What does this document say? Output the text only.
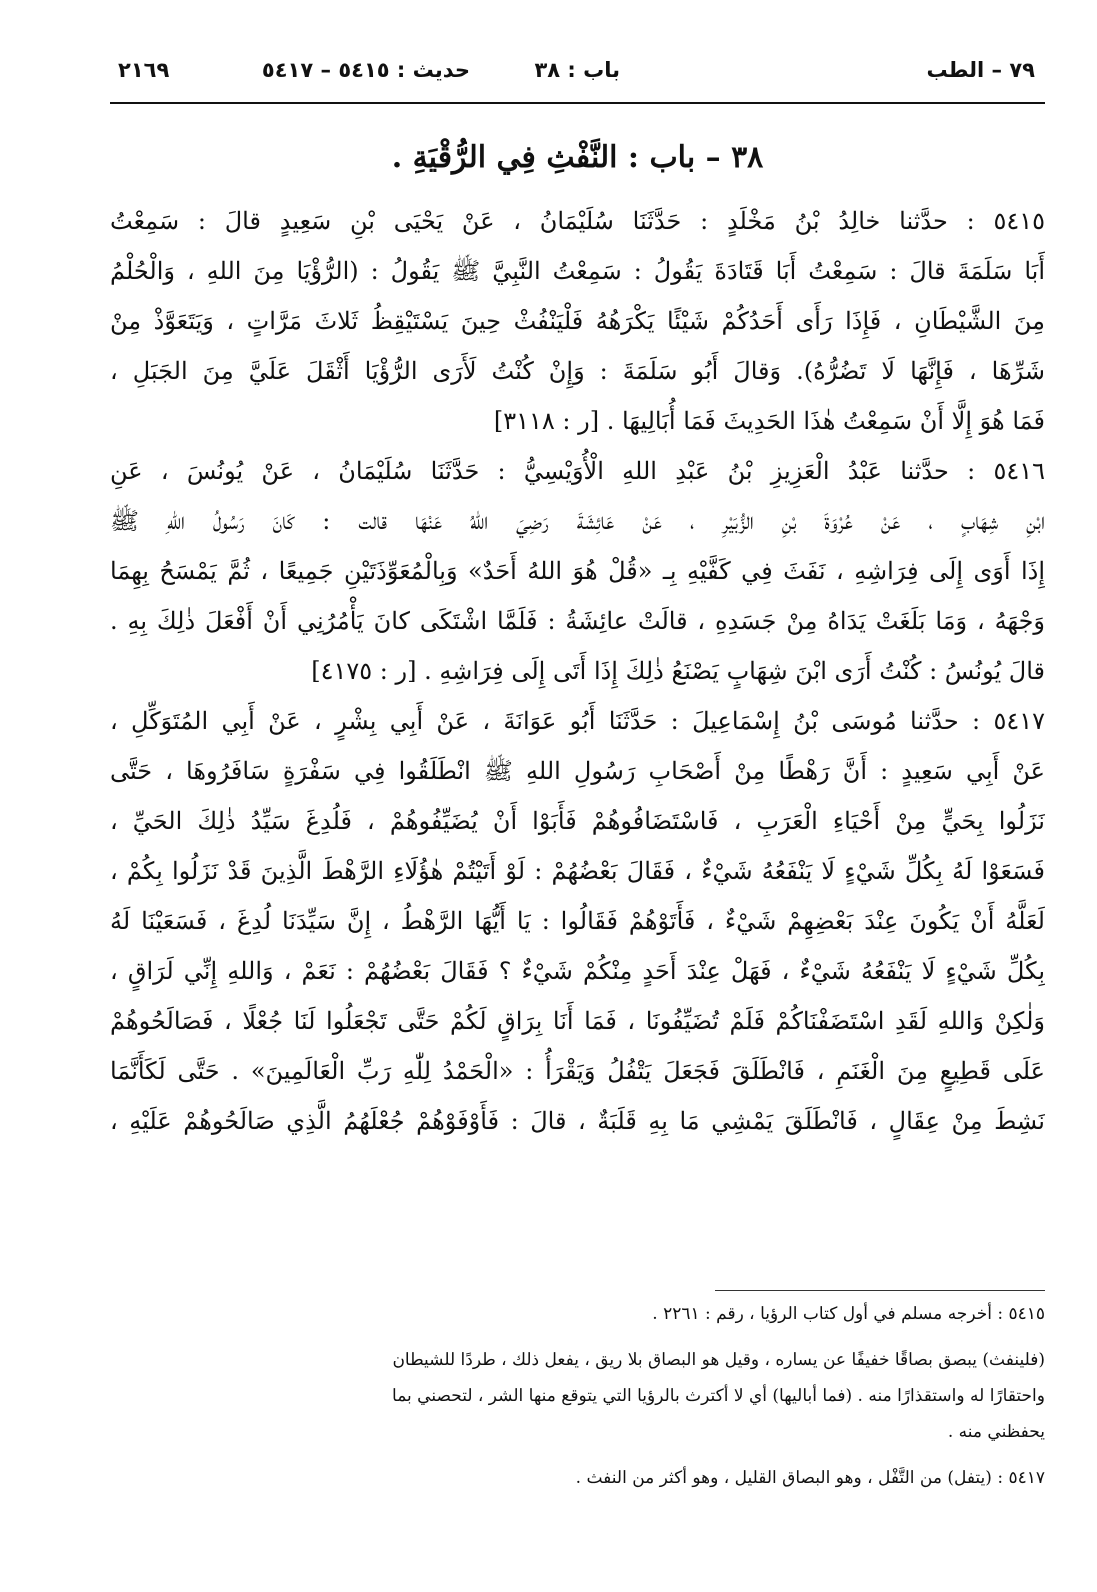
٧٩ – الطب
باب : ٣٨
حديث : ٥٤١٥ – ٥٤١٧
٢١٦٩
٣٨ – باب : النَّفْثِ فِي الرُّقْيَةِ .
٥٤١٥ : حدَّثنا خالِدُ بْنُ مَخْلَدٍ : حَدَّثَنَا سُلَيْمَانُ ، عَنْ يَحْيَى بْنِ سَعِيدٍ قالَ : سَمِعْتُ
أَبَا سَلَمَةَ قالَ : سَمِعْتُ أَبَا قَتَادَةَ يَقُولُ : سَمِعْتُ النَّبِيَّ ﷺ يَقُولُ : (الرُّؤْيَا مِنَ اللهِ ، وَالْحُلْمُ
مِنَ الشَّيْطَانِ ، فَإِذَا رَأَى أَحَدُكُمْ شَيْئًا يَكْرَهُهُ فَلْيَنْفُثْ حِينَ يَسْتَيْقِظُ ثَلاثَ مَرَّاتٍ ، وَيَتَعَوَّذْ مِنْ
شَرِّهَا ، فَإِنَّهَا لَا تَضُرُّهُ). وَقالَ أَبُو سَلَمَةَ : وَإِنْ كُنْتُ لَأَرَى الرُّؤْيَا أَثْقَلَ عَلَيَّ مِنَ الجَبَلِ ،
فَمَا هُوَ إِلَّا أَنْ سَمِعْتُ هٰذَا الحَدِيثَ فَمَا أُبَالِيهَا . [ر : ٣١١٨]
٥٤١٦ : حدَّثنا عَبْدُ الْعَزِيزِ بْنُ عَبْدِ اللهِ الْأُوَيْسِيُّ : حَدَّثَنَا سُلَيْمَانُ ، عَنْ يُونُسَ ، عَنِ
ابْنِ شِهَابٍ ، عَنْ عُرْوَةَ بْنِ الزُّبَيْرِ ، عَنْ عَائِشَةَ رَضِيَ اللهُ عَنْهَا قالت : كَانَ رَسُولُ اللهِ ﷺ
إِذَا أَوَى إِلَى فِرَاشِهِ ، نَفَثَ فِي كَفَّيْهِ بِـ «قُلْ هُوَ اللهُ أَحَدٌ» وَبِالْمُعَوِّذَتَيْنِ جَمِيعًا ، ثُمَّ يَمْسَحُ بِهِمَا
وَجْهَهُ ، وَمَا بَلَغَتْ يَدَاهُ مِنْ جَسَدِهِ ، قالَتْ عائِشَةُ : فَلَمَّا اشْتَكَى كانَ يَأْمُرُنِي أَنْ أَفْعَلَ ذٰلِكَ بِهِ .
قالَ يُونُسُ : كُنْتُ أَرَى ابْنَ شِهَابٍ يَصْنَعُ ذٰلِكَ إِذَا أَتَى إِلَى فِرَاشِهِ . [ر : ٤١٧٥]
٥٤١٧ : حدَّثنا مُوسَى بْنُ إِسْمَاعِيلَ : حَدَّثَنَا أَبُو عَوَانَةَ ، عَنْ أَبِي بِشْرٍ ، عَنْ أَبِي المُتَوَكِّلِ ،
عَنْ أَبِي سَعِيدٍ : أَنَّ رَهْطًا مِنْ أَصْحَابِ رَسُولِ اللهِ ﷺ انْطَلَقُوا فِي سَفْرَةٍ سَافَرُوهَا ، حَتَّى
نَزَلُوا بِحَيٍّ مِنْ أَحْيَاءِ الْعَرَبِ ، فَاسْتَضَافُوهُمْ فَأَبَوْا أَنْ يُضَيِّفُوهُمْ ، فَلُدِغَ سَيِّدُ ذٰلِكَ الحَيِّ ،
فَسَعَوْا لَهُ بِكُلِّ شَيْءٍ لَا يَنْفَعُهُ شَيْءٌ ، فَقَالَ بَعْضُهُمْ : لَوْ أَتَيْتُمْ هٰؤُلَاءِ الرَّهْطَ الَّذِينَ قَدْ نَزَلُوا بِكُمْ ،
لَعَلَّهُ أَنْ يَكُونَ عِنْدَ بَعْضِهِمْ شَيْءٌ ، فَأَتَوْهُمْ فَقَالُوا : يَا أَيُّهَا الرَّهْطُ ، إِنَّ سَيِّدَنَا لُدِغَ ، فَسَعَيْنَا لَهُ
بِكُلِّ شَيْءٍ لَا يَنْفَعُهُ شَيْءٌ ، فَهَلْ عِنْدَ أَحَدٍ مِنْكُمْ شَيْءٌ ؟ فَقَالَ بَعْضُهُمْ : نَعَمْ ، وَاللهِ إِنِّي لَرَاقٍ ،
وَلٰكِنْ وَاللهِ لَقَدِ اسْتَضَفْنَاكُمْ فَلَمْ تُضَيِّفُونَا ، فَمَا أَنَا بِرَاقٍ لَكُمْ حَتَّى تَجْعَلُوا لَنَا جُعْلًا ، فَصَالَحُوهُمْ
عَلَى قَطِيعٍ مِنَ الْغَنَمِ ، فَانْطَلَقَ فَجَعَلَ يَتْفُلُ وَيَقْرَأُ : «الْحَمْدُ لِلّٰهِ رَبِّ الْعَالَمِينَ» . حَتَّى لَكَأَنَّمَا
نَشِطَ مِنْ عِقَالٍ ، فَانْطَلَقَ يَمْشِي مَا بِهِ قَلَبَةٌ ، قالَ : فَأَوْفَوْهُمْ جُعْلَهُمُ الَّذِي صَالَحُوهُمْ عَلَيْهِ ،
٥٤١٥ : أخرجه مسلم في أول كتاب الرؤيا ، رقم : ٢٢٦١ .
(فلينفث) يبصق بصاقًا خفيفًا عن يساره ، وقيل هو البصاق بلا ريق ، يفعل ذلك ، طردًا للشيطان
واحتقارًا له واستقذارًا منه . (فما أباليها) أي لا أكترث بالرؤيا التي يتوقع منها الشر ، لتحصني بما
يحفظني منه .
٥٤١٧ : (يتفل) من التَّفْل ، وهو البصاق القليل ، وهو أكثر من النفث .
